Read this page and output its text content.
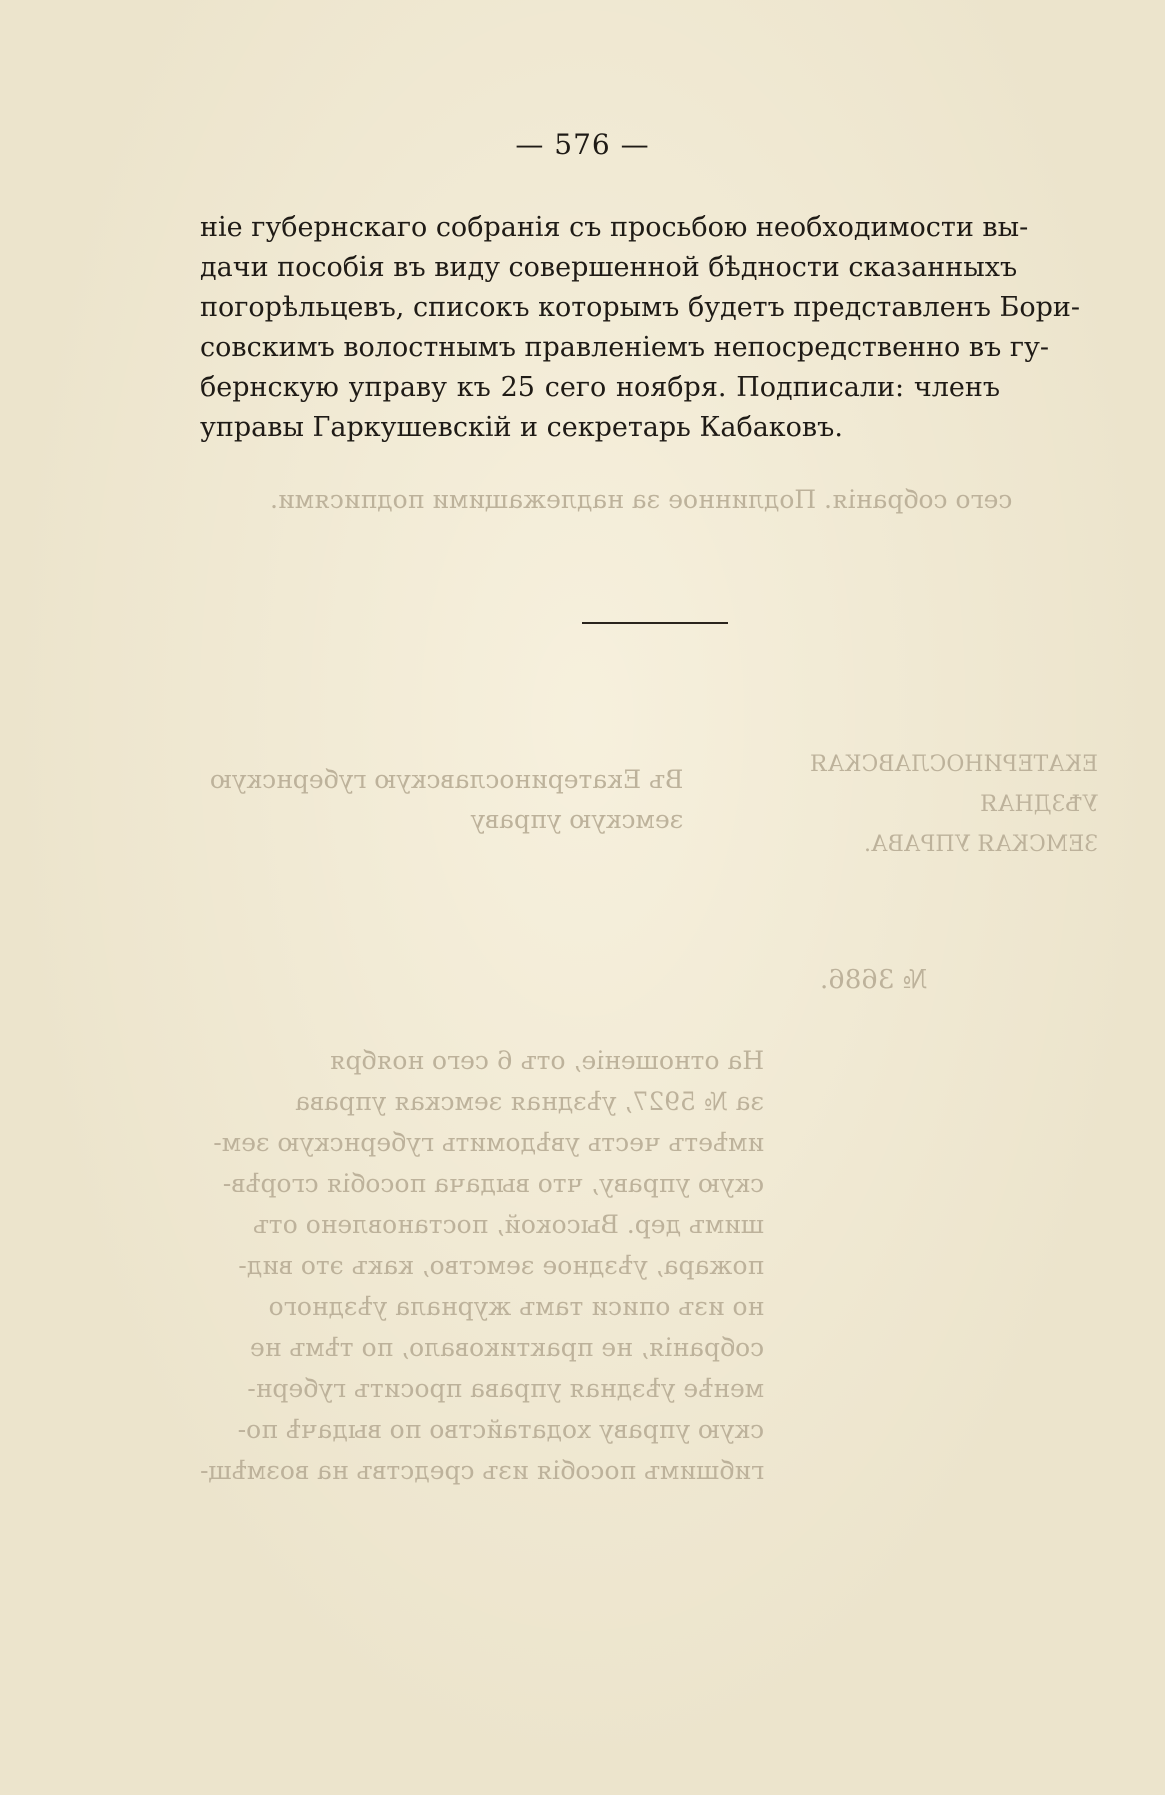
сего собранія. Подлинное за надлежащими подписями.
Въ Екатеринославскую губернскую
земскую управу
ЕКАТЕРИНОСЛАВСКАЯ
УѢЗДНАЯ
ЗЕМСКАЯ УПРАВА.
№ 3686.
На отношеніе, отъ 6 сего ноября
за № 5927, уѣздная земская управа
имѣетъ честь увѣдомить губернскую зем-
скую управу, что выдача пособія сгорѣв-
шимъ дер. Высокой, постановлено отъ
пожара, уѣздное земство, какъ это вид-
но изъ описи тамъ журнала уѣздного
собранія, не практиковало, по тѣмъ не
менѣе уѣздная управа проситъ губерн-
скую управу ходатайство по выдачѣ по-
гибшимъ пособія изъ средствъ на возмѣщ-
— 576 —
ніе губернскаго собранія съ просьбою необходимости вы-
дачи пособія въ виду совершенной бѣдности сказанныхъ
погорѣльцевъ, списокъ которымъ будетъ представленъ Бори-
совскимъ волостнымъ правленіемъ непосредственно въ гу-
бернскую управу къ 25 сего ноября. Подписали: членъ
управы Гаркушевскій и секретарь Кабаковъ.
